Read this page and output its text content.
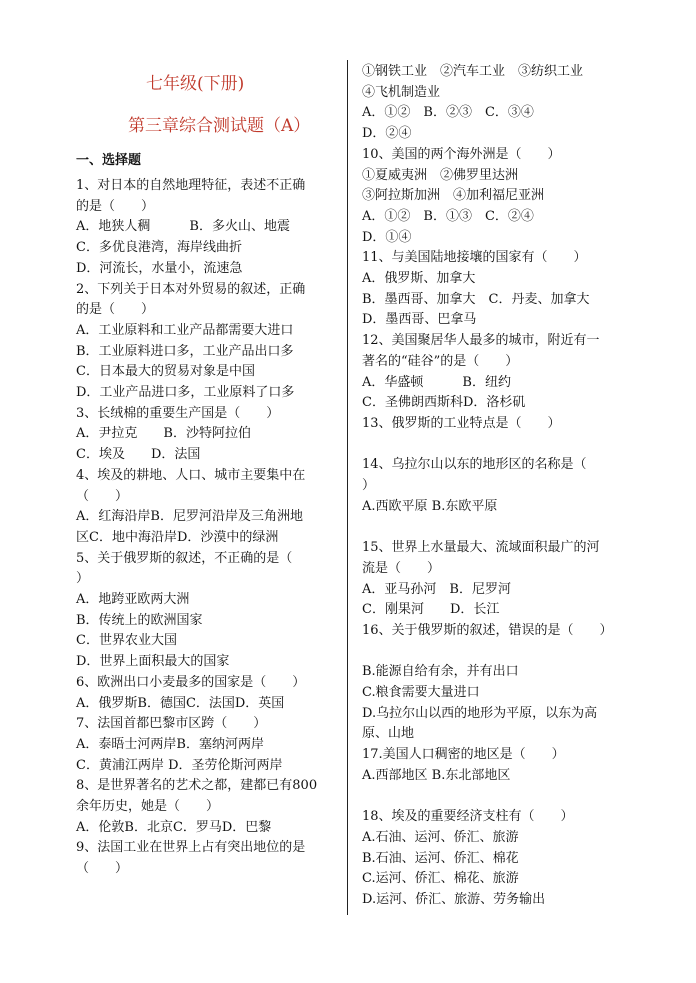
七年级(下册)
第三章综合测试题（A）
一、选择题
1、对日本的自然地理特征，表述不正确
的是（　　）
A．地狭人稠　　　B．多火山、地震
C．多优良港湾，海岸线曲折
D．河流长，水量小，流速急
2、下列关于日本对外贸易的叙述，正确
的是（　　）
A．工业原料和工业产品都需要大进口
B．工业原料进口多，工业产品出口多
C．日本最大的贸易对象是中国
D．工业产品进口多，工业原料了口多
3、长绒棉的重要生产国是（　　）
A．尹拉克　　B．沙特阿拉伯
C．埃及　　D．法国
4、埃及的耕地、人口、城市主要集中在
（　　）
A．红海沿岸B．尼罗河沿岸及三角洲地
区C．地中海沿岸D．沙漠中的绿洲
5、关于俄罗斯的叙述，不正确的是（
）
A．地跨亚欧两大洲
B．传统上的欧洲国家
C．世界农业大国
D．世界上面积最大的国家
6、欧洲出口小麦最多的国家是（　　）
A．俄罗斯B．德国C．法国D．英国
7、法国首都巴黎市区跨（　　）
A．泰晤士河两岸B．塞纳河两岸
C．黄浦江两岸 D．圣劳伦斯河两岸
8、是世界著名的艺术之都，建都已有800
余年历史，她是（　　）
A．伦敦B．北京C．罗马D．巴黎
9、法国工业在世界上占有突出地位的是
（　　）
①钢铁工业　②汽车工业　③纺织工业
④飞机制造业
A．①②　B．②③　C．③④
D．②④
10、美国的两个海外洲是（　　）
①夏威夷洲　②佛罗里达洲
③阿拉斯加洲　④加利福尼亚洲
A．①②　B．①③　C．②④
D．①④
11、与美国陆地接壤的国家有（　　）
A．俄罗斯、加拿大
B．墨西哥、加拿大　C．丹麦、加拿大
D．墨西哥、巴拿马
12、美国聚居华人最多的城市，附近有一
著名的“硅谷”的是（　　）
A．华盛顿　　　B．纽约
C．圣佛朗西斯科D．洛杉矶
13、俄罗斯的工业特点是（　　）
14、乌拉尔山以东的地形区的名称是（
）
A.西欧平原 B.东欧平原
15、世界上水量最大、流域面积最广的河
流是（　　）
A．亚马孙河　B．尼罗河
C．刚果河　　D．长江
16、关于俄罗斯的叙述，错误的是（　　）
B.能源自给有余，并有出口
C.粮食需要大量进口
D.乌拉尔山以西的地形为平原，以东为高
原、山地
17.美国人口稠密的地区是（　　）
A.西部地区 B.东北部地区
18、埃及的重要经济支柱有（　　）
A.石油、运河、侨汇、旅游
B.石油、运河、侨汇、棉花
C.运河、侨汇、棉花、旅游
D.运河、侨汇、旅游、劳务输出
